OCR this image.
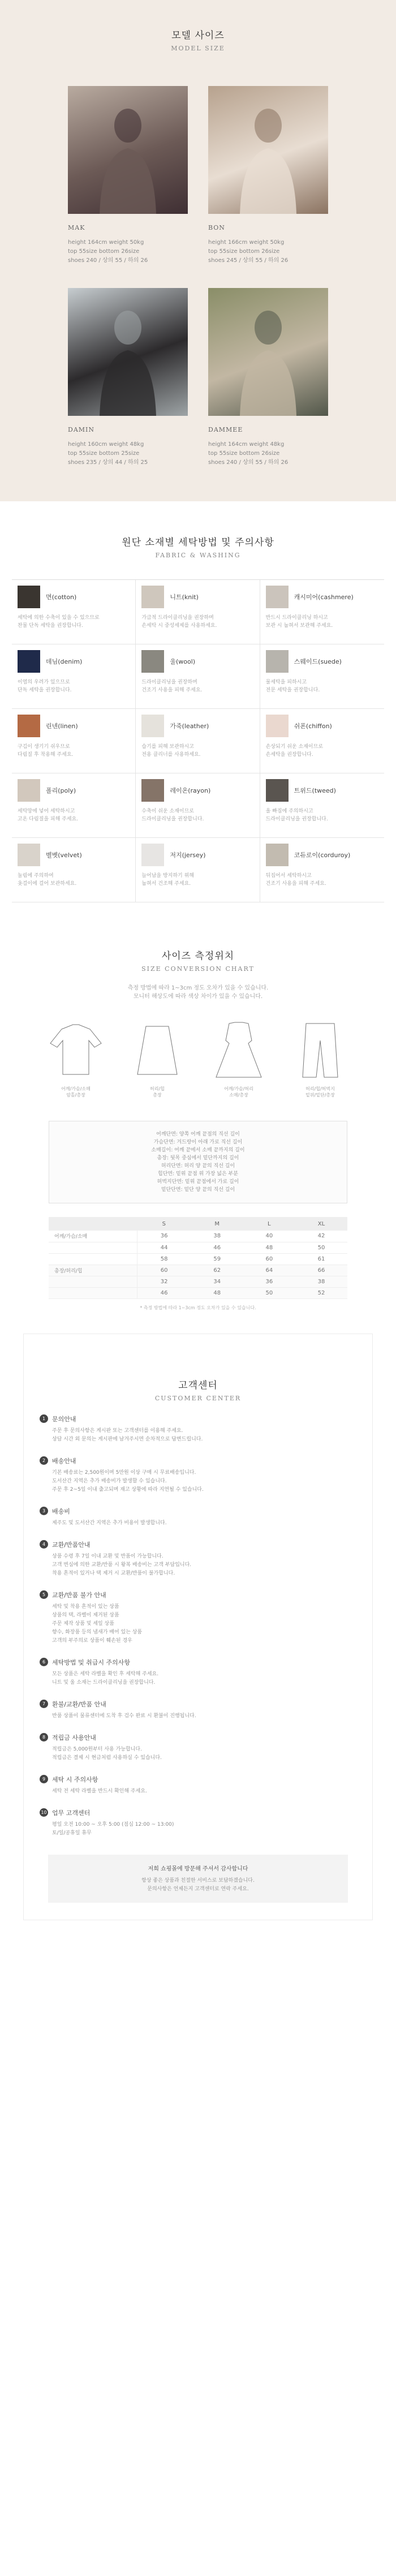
모델 사이즈
MODEL SIZE
MAK
height 164cm weight 50kg
top 55size bottom 26size
shoes 240 / 상의 55 / 하의 26
BON
height 166cm weight 50kg
top 55size bottom 26size
shoes 245 / 상의 55 / 하의 26
DAMIN
height 160cm weight 48kg
top 55size bottom 25size
shoes 235 / 상의 44 / 하의 25
DAMMEE
height 164cm weight 48kg
top 55size bottom 26size
shoes 240 / 상의 55 / 하의 26
원단 소재별 세탁방법 및 주의사항
FABRIC & WASHING
면(cotton)
세탁에 의한 수축이 있을 수 있으므로
찬물 단독 세탁을 권장합니다.
니트(knit)
가급적 드라이클리닝을 권장하며
손세탁 시 중성세제를 사용하세요.
캐시미어(cashmere)
반드시 드라이클리닝 하시고
보관 시 눕혀서 보관해 주세요.
데님(denim)
이염의 우려가 있으므로
단독 세탁을 권장합니다.
울(wool)
드라이클리닝을 권장하며
건조기 사용을 피해 주세요.
스웨이드(suede)
물세탁을 피하시고
전문 세탁을 권장합니다.
린넨(linen)
구김이 생기기 쉬우므로
다림질 후 착용해 주세요.
가죽(leather)
습기를 피해 보관하시고
전용 클리너를 사용하세요.
쉬폰(chiffon)
손상되기 쉬운 소재이므로
손세탁을 권장합니다.
폴리(poly)
세탁망에 넣어 세탁하시고
고온 다림질을 피해 주세요.
레이온(rayon)
수축이 쉬운 소재이므로
드라이클리닝을 권장합니다.
트위드(tweed)
올 빠짐에 주의하시고
드라이클리닝을 권장합니다.
벨벳(velvet)
눌림에 주의하여
옷걸이에 걸어 보관하세요.
저지(jersey)
늘어남을 방지하기 위해
눕혀서 건조해 주세요.
코듀로이(corduroy)
뒤집어서 세탁하시고
건조기 사용을 피해 주세요.
사이즈 측정위치
SIZE CONVERSION CHART
측정 방법에 따라 1~3cm 정도 오차가 있을 수 있습니다.
모니터 해상도에 따라 색상 차이가 있을 수 있습니다.
어깨/가슴/소매
암홀/총장
허리/힙
총장
어깨/가슴/허리
소매/총장
허리/힙/허벅지
밑위/밑단/총장
어깨단면: 양쪽 어깨 끝점의 직선 길이
가슴단면: 겨드랑이 아래 가로 직선 길이
소매길이: 어깨 끝에서 소매 끝까지의 길이
총장: 뒷목 중심에서 밑단까지의 길이
허리단면: 허리 양 끝의 직선 길이
힙단면: 밑위 끝점 위 가장 넓은 부분
허벅지단면: 밑위 끝점에서 가로 길이
밑단단면: 밑단 양 끝의 직선 길이
	S	M	L	XL
어깨/가슴/소매	36	38	40	42
	44	46	48	50
	58	59	60	61
총장/허리/힙	60	62	64	66
	32	34	36	38
	46	48	50	52
* 측정 방법에 따라 1~3cm 정도 오차가 있을 수 있습니다.
고객센터
CUSTOMER CENTER
1	문의안내

주문 후 문의사항은 게시판 또는 고객센터를 이용해 주세요.

상담 시간 외 문의는 게시판에 남겨주시면 순차적으로 답변드립니다.

2	배송안내

기본 배송료는 2,500원이며 5만원 이상 구매 시 무료배송입니다.

도서산간 지역은 추가 배송비가 발생할 수 있습니다.

주문 후 2~5일 이내 출고되며 재고 상황에 따라 지연될 수 있습니다.

3	배송비

제주도 및 도서산간 지역은 추가 비용이 발생합니다.

4	교환/반품안내

상품 수령 후 7일 이내 교환 및 반품이 가능합니다.

고객 변심에 의한 교환/반품 시 왕복 배송비는 고객 부담입니다.

착용 흔적이 있거나 택 제거 시 교환/반품이 불가합니다.

5	교환/반품 불가 안내

세탁 및 착용 흔적이 있는 상품

상품의 택, 라벨이 제거된 상품

주문 제작 상품 및 세일 상품

향수, 화장품 등의 냄새가 배어 있는 상품

고객의 부주의로 상품이 훼손된 경우

6	세탁방법 및 취급시 주의사항

모든 상품은 세탁 라벨을 확인 후 세탁해 주세요.

니트 및 울 소재는 드라이클리닝을 권장합니다.

7	환불/교환/반품 안내

반품 상품이 물류센터에 도착 후 검수 완료 시 환불이 진행됩니다.

8	적립금 사용안내

적립금은 5,000원부터 사용 가능합니다.

적립금은 결제 시 현금처럼 사용하실 수 있습니다.

9	세탁 시 주의사항

세탁 전 세탁 라벨을 반드시 확인해 주세요.

10 업무 고객센터

평일 오전 10:00 ~ 오후 5:00 (점심 12:00 ~ 13:00)

토/일/공휴일 휴무

저희 쇼핑몰에 방문해 주셔서 감사합니다
항상 좋은 상품과 친절한 서비스로 보답하겠습니다.
문의사항은 언제든지 고객센터로 연락 주세요.
